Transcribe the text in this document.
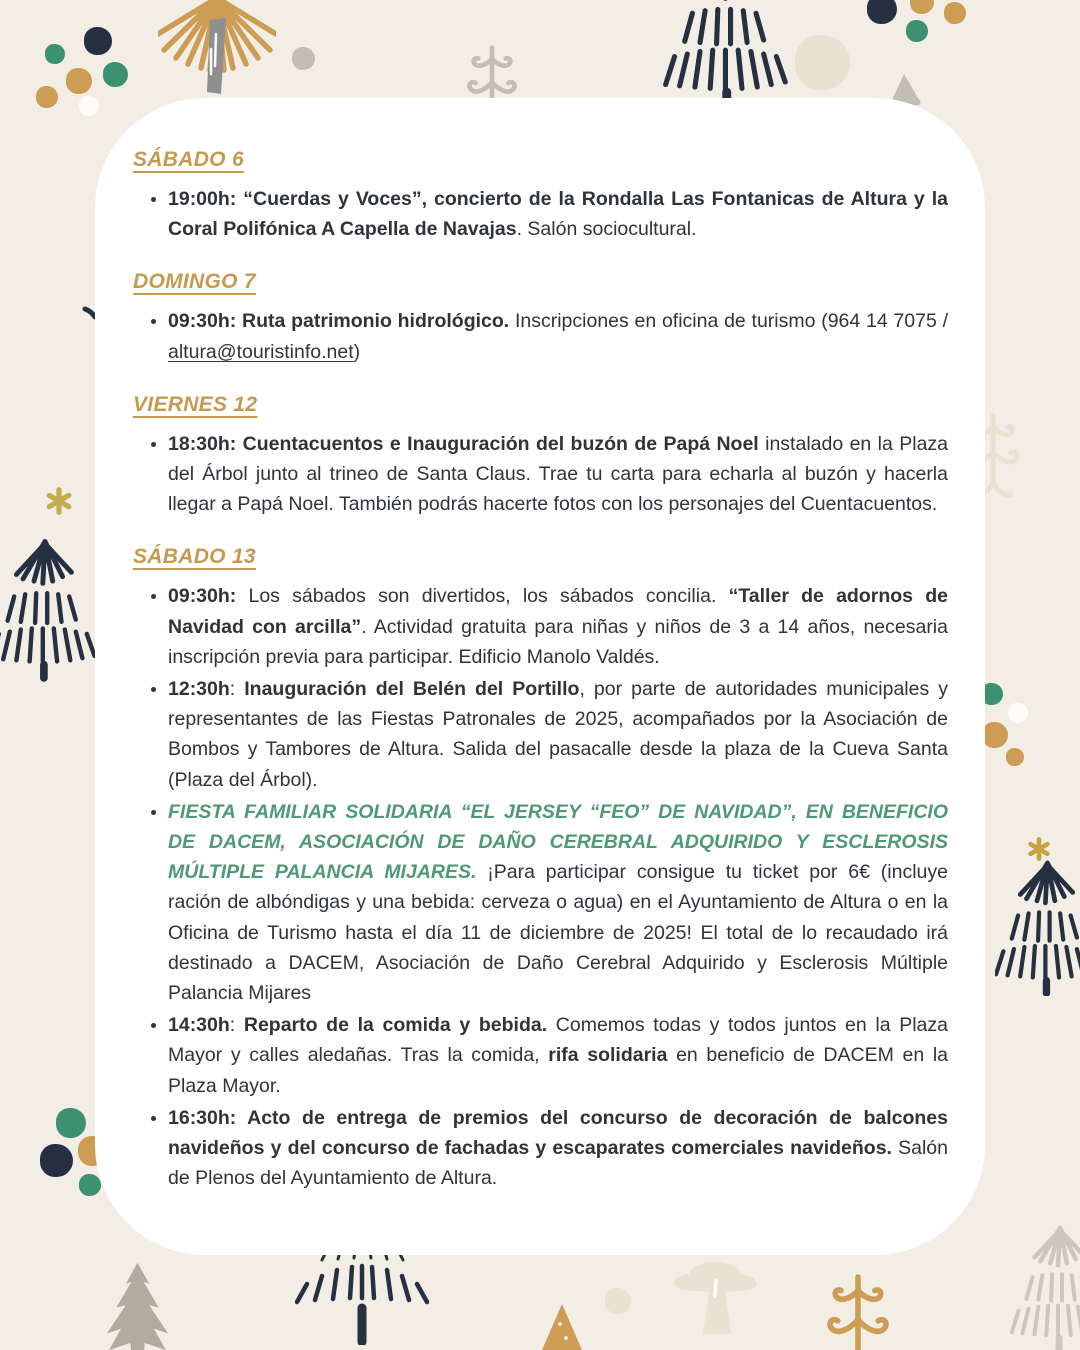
SÁBADO 6
• 19:00h: “Cuerdas y Voces”, concierto de la Rondalla Las Fontanicas de Altura y la Coral Polifónica A Capella de Navajas. Salón sociocultural.
DOMINGO 7
• 09:30h: Ruta patrimonio hidrológico. Inscripciones en oficina de turismo (964 14 7075 / altura@touristinfo.net)
VIERNES 12
• 18:30h: Cuentacuentos e Inauguración del buzón de Papá Noel instalado en la Plaza del Árbol junto al trineo de Santa Claus. Trae tu carta para echarla al buzón y hacerla llegar a Papá Noel. También podrás hacerte fotos con los personajes del Cuentacuentos.
SÁBADO 13
• 09:30h: Los sábados son divertidos, los sábados concilia. “Taller de adornos de Navidad con arcilla”. Actividad gratuita para niñas y niños de 3 a 14 años, necesaria inscripción previa para participar. Edificio Manolo Valdés.
• 12:30h: Inauguración del Belén del Portillo, por parte de autoridades municipales y representantes de las Fiestas Patronales de 2025, acompañados por la Asociación de Bombos y Tambores de Altura. Salida del pasacalle desde la plaza de la Cueva Santa (Plaza del Árbol).
• FIESTA FAMILIAR SOLIDARIA “EL JERSEY “FEO” DE NAVIDAD”, EN BENEFICIO DE DACEM, ASOCIACIÓN DE DAÑO CEREBRAL ADQUIRIDO Y ESCLEROSIS MÚLTIPLE PALANCIA MIJARES. ¡Para participar consigue tu ticket por 6€ (incluye ración de albóndigas y una bebida: cerveza o agua) en el Ayuntamiento de Altura o en la Oficina de Turismo hasta el día 11 de diciembre de 2025! El total de lo recaudado irá destinado a DACEM, Asociación de Daño Cerebral Adquirido y Esclerosis Múltiple Palancia Mijares
• 14:30h: Reparto de la comida y bebida. Comemos todas y todos juntos en la Plaza Mayor y calles aledañas. Tras la comida, rifa solidaria en beneficio de DACEM en la Plaza Mayor.
• 16:30h: Acto de entrega de premios del concurso de decoración de balcones navideños y del concurso de fachadas y escaparates comerciales navideños. Salón de Plenos del Ayuntamiento de Altura.
